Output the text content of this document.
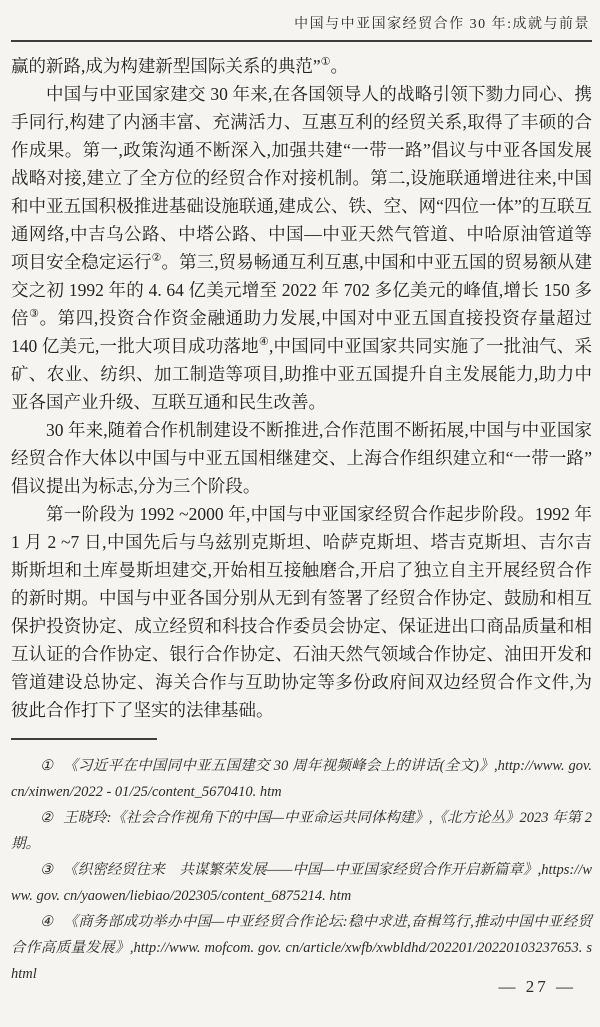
中国与中亚国家经贸合作 30 年:成就与前景

赢的新路,成为构建新型国际关系的典范”①。

中国与中亚国家建交 30 年来,在各国领导人的战略引领下勠力同心、携手同行,构建了内涵丰富、充满活力、互惠互利的经贸关系,取得了丰硕的合作成果。第一,政策沟通不断深入,加强共建“一带一路”倡议与中亚各国发展战略对接,建立了全方位的经贸合作对接机制。第二,设施联通增进往来,中国和中亚五国积极推进基础设施联通,建成公、铁、空、网“四位一体”的互联互通网络,中吉乌公路、中塔公路、中国—中亚天然气管道、中哈原油管道等项目安全稳定运行②。第三,贸易畅通互利互惠,中国和中亚五国的贸易额从建交之初 1992 年的 4. 64 亿美元增至 2022 年 702 多亿美元的峰值,增长 150 多倍③。第四,投资合作资金融通助力发展,中国对中亚五国直接投资存量超过 140 亿美元,一批大项目成功落地④,中国同中亚国家共同实施了一批油气、采矿、农业、纺织、加工制造等项目,助推中亚五国提升自主发展能力,助力中亚各国产业升级、互联互通和民生改善。

30 年来,随着合作机制建设不断推进,合作范围不断拓展,中国与中亚国家经贸合作大体以中国与中亚五国相继建交、上海合作组织建立和“一带一路”倡议提出为标志,分为三个阶段。

第一阶段为 1992 ~2000 年,中国与中亚国家经贸合作起步阶段。1992 年 1 月 2 ~7 日,中国先后与乌兹别克斯坦、哈萨克斯坦、塔吉克斯坦、吉尔吉斯斯坦和土库曼斯坦建交,开始相互接触磨合,开启了独立自主开展经贸合作的新时期。中国与中亚各国分别从无到有签署了经贸合作协定、鼓励和相互保护投资协定、成立经贸和科技合作委员会协定、保证进出口商品质量和相互认证的合作协定、银行合作协定、石油天然气领域合作协定、油田开发和管道建设总协定、海关合作与互助协定等多份政府间双边经贸合作文件,为彼此合作打下了坚实的法律基础。

① 《习近平在中国同中亚五国建交 30 周年视频峰会上的讲话(全文)》,http://www. gov. cn/xinwen/2022 - 01/25/content_5670410. htm

② 王晓玲:《社会合作视角下的中国—中亚命运共同体构建》,《北方论丛》2023 年第 2 期。

③ 《织密经贸往来　共谋繁荣发展——中国—中亚国家经贸合作开启新篇章》,https://www. gov. cn/yaowen/liebiao/202305/content_6875214. htm

④ 《商务部成功举办中国—中亚经贸合作论坛:稳中求进,奋楫笃行,推动中国中亚经贸合作高质量发展》,http://www. mofcom. gov. cn/article/xwfb/xwbldhd/202201/20220103237653. shtml

— 27 —
